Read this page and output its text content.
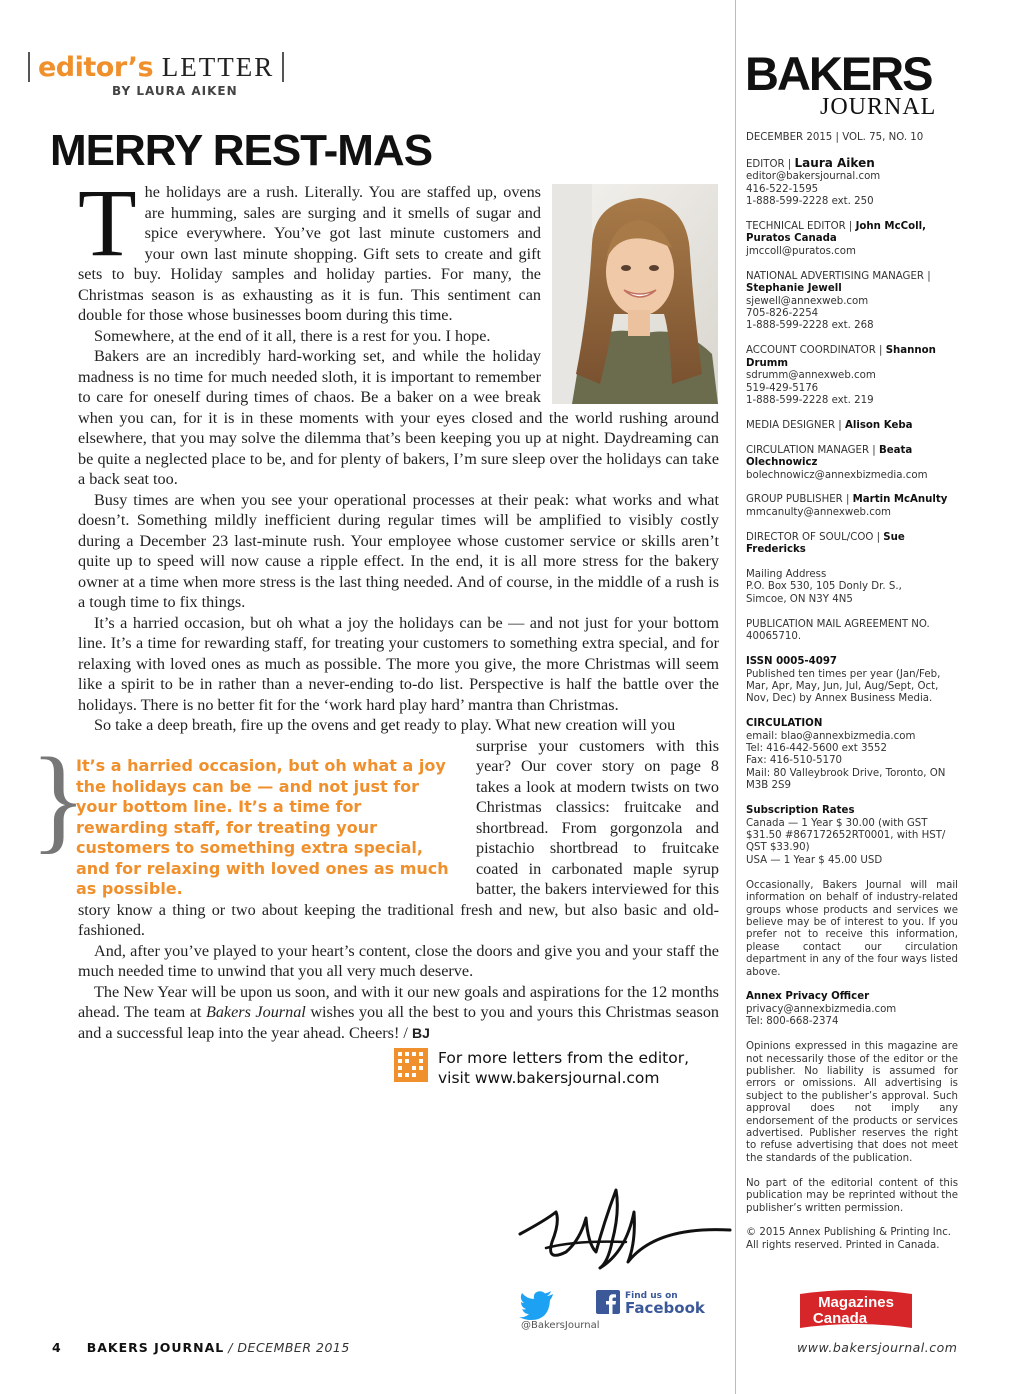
editor’s LETTER
BY LAURA AIKEN
MERRY REST-MAS

The holidays are a rush. Literally. You are staffed up, ovens are humming, sales are surging and it smells of sugar and spice everywhere. You’ve got last minute customers and your own last minute shopping. Gift sets to create and gift sets to buy. Holiday samples and holiday parties. For many, the Christmas season is as exhausting as it is fun. This sentiment can double for those whose businesses boom during this time.

Somewhere, at the end of it all, there is a rest for you. I hope.

Bakers are an incredibly hard-working set, and while the holiday madness is no time for much needed sloth, it is important to remember to care for oneself during times of chaos. Be a baker on a wee break when you can, for it is in these moments with your eyes closed and the world rushing around elsewhere, that you may solve the dilemma that’s been keeping you up at night. Daydreaming can be quite a neglected place to be, and for plenty of bakers, I’m sure sleep over the holidays can take a back seat too.

Busy times are when you see your operational processes at their peak: what works and what doesn’t. Something mildly inefficient during regular times will be amplified to visibly costly during a December 23 last-minute rush. Your employee whose customer service or skills aren’t quite up to speed will now cause a ripple effect. In the end, it is all more stress for the bakery owner at a time when more stress is the last thing needed. And of course, in the middle of a rush is a tough time to fix things.

It’s a harried occasion, but oh what a joy the holidays can be — and not just for your bottom line. It’s a time for rewarding staff, for treating your customers to something extra special, and for relaxing with loved ones as much as possible. The more you give, the more Christmas will seem like a spirit to be in rather than a never-ending to-do list. Perspective is half the battle over the holidays. There is no better fit for the ‘work hard play hard’ mantra than Christmas.

So take a deep breath, fire up the ovens and get ready to play. What new creation will you

surprise your customers with this year? Our cover story on page 8 takes a look at modern twists on two Christmas classics: fruitcake and shortbread. From gorgonzola and pistachio shortbread to fruitcake coated in carbonated maple syrup batter, the bakers interviewed for this story know a thing or two about keeping the traditional fresh and new, but also basic and old-fashioned.

And, after you’ve played to your heart’s content, close the doors and give you and your staff the much needed time to unwind that you all very much deserve.

The New Year will be upon us soon, and with it our new goals and aspirations for the 12 months ahead. The team at Bakers Journal wishes you all the best to you and yours this Christmas season and a successful leap into the year ahead. Cheers! / BJ

}
It’s a harried occasion, but oh what a joy the holidays can be — and not just for your bottom line. It’s a time for rewarding staff, for treating your customers to something extra special, and for relaxing with loved ones as much as possible.
For more letters from the editor,
visit www.bakersjournal.com
@BakersJournal
Find us on
Facebook
BAKERS
JOURNAL
DECEMBER 2015 | VOL. 75, NO. 10
EDITOR | Laura Aiken
editor@bakersjournal.com
416-522-1595
1-888-599-2228 ext. 250
TECHNICAL EDITOR | John McColl, Puratos Canada
jmccoll@puratos.com
NATIONAL ADVERTISING MANAGER | Stephanie Jewell
sjewell@annexweb.com
705-826-2254
1-888-599-2228 ext. 268
ACCOUNT COORDINATOR | Shannon Drumm
sdrumm@annexweb.com
519-429-5176
1-888-599-2228 ext. 219
MEDIA DESIGNER | Alison Keba
CIRCULATION MANAGER | Beata Olechnowicz
bolechnowicz@annexbizmedia.com
GROUP PUBLISHER | Martin McAnulty
mmcanulty@annexweb.com
DIRECTOR OF SOUL/COO | Sue Fredericks
Mailing Address
P.O. Box 530, 105 Donly Dr. S.,
Simcoe, ON N3Y 4N5
PUBLICATION MAIL AGREEMENT NO. 40065710.
ISSN 0005-4097
Published ten times per year (Jan/Feb, Mar, Apr, May, Jun, Jul, Aug/Sept, Oct, Nov, Dec) by Annex Business Media.
CIRCULATION
email: blao@annexbizmedia.com
Tel: 416-442-5600 ext 3552
Fax: 416-510-5170
Mail: 80 Valleybrook Drive, Toronto, ON M3B 2S9
Subscription Rates
Canada — 1 Year $ 30.00 (with GST $31.50 #867172652RT0001, with HST/ QST $33.90)
USA — 1 Year $ 45.00 USD
Occasionally, Bakers Journal will mail information on behalf of industry-related groups whose products and services we believe may be of interest to you. If you prefer not to receive this information, please contact our circulation department in any of the four ways listed above.
Annex Privacy Officer
privacy@annexbizmedia.com
Tel: 800-668-2374
Opinions expressed in this magazine are not necessarily those of the editor or the publisher. No liability is assumed for errors or omissions. All advertising is subject to the publisher’s approval. Such approval does not imply any endorsement of the products or services advertised. Publisher reserves the right to refuse advertising that does not meet the standards of the publication.
No part of the editorial content of this publication may be reprinted without the publisher’s written permission.
© 2015 Annex Publishing & Printing Inc.
All rights reserved. Printed in Canada.
Magazines
Canada
4 BAKERS JOURNAL / DECEMBER 2015	www.bakersjournal.com
